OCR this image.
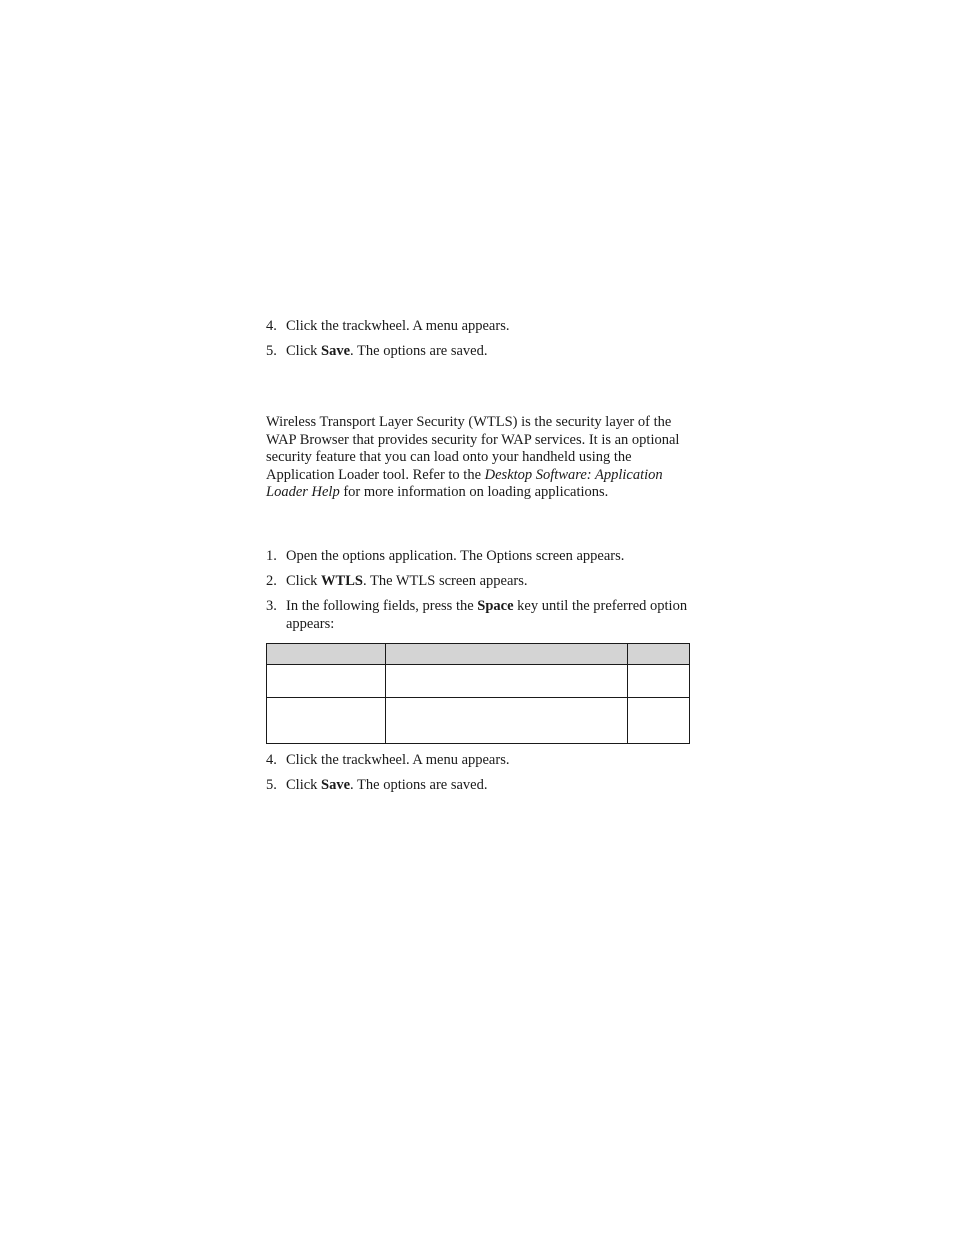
4. Click the trackwheel. A menu appears.
5. Click Save. The options are saved.
Wireless Transport Layer Security (WTLS) is the security layer of the WAP Browser that provides security for WAP services. It is an optional security feature that you can load onto your handheld using the Application Loader tool. Refer to the Desktop Software: Application Loader Help for more information on loading applications.
1. Open the options application. The Options screen appears.
2. Click WTLS. The WTLS screen appears.
3. In the following fields, press the Space key until the preferred option appears:

4. Click the trackwheel. A menu appears.
5. Click Save. The options are saved.
